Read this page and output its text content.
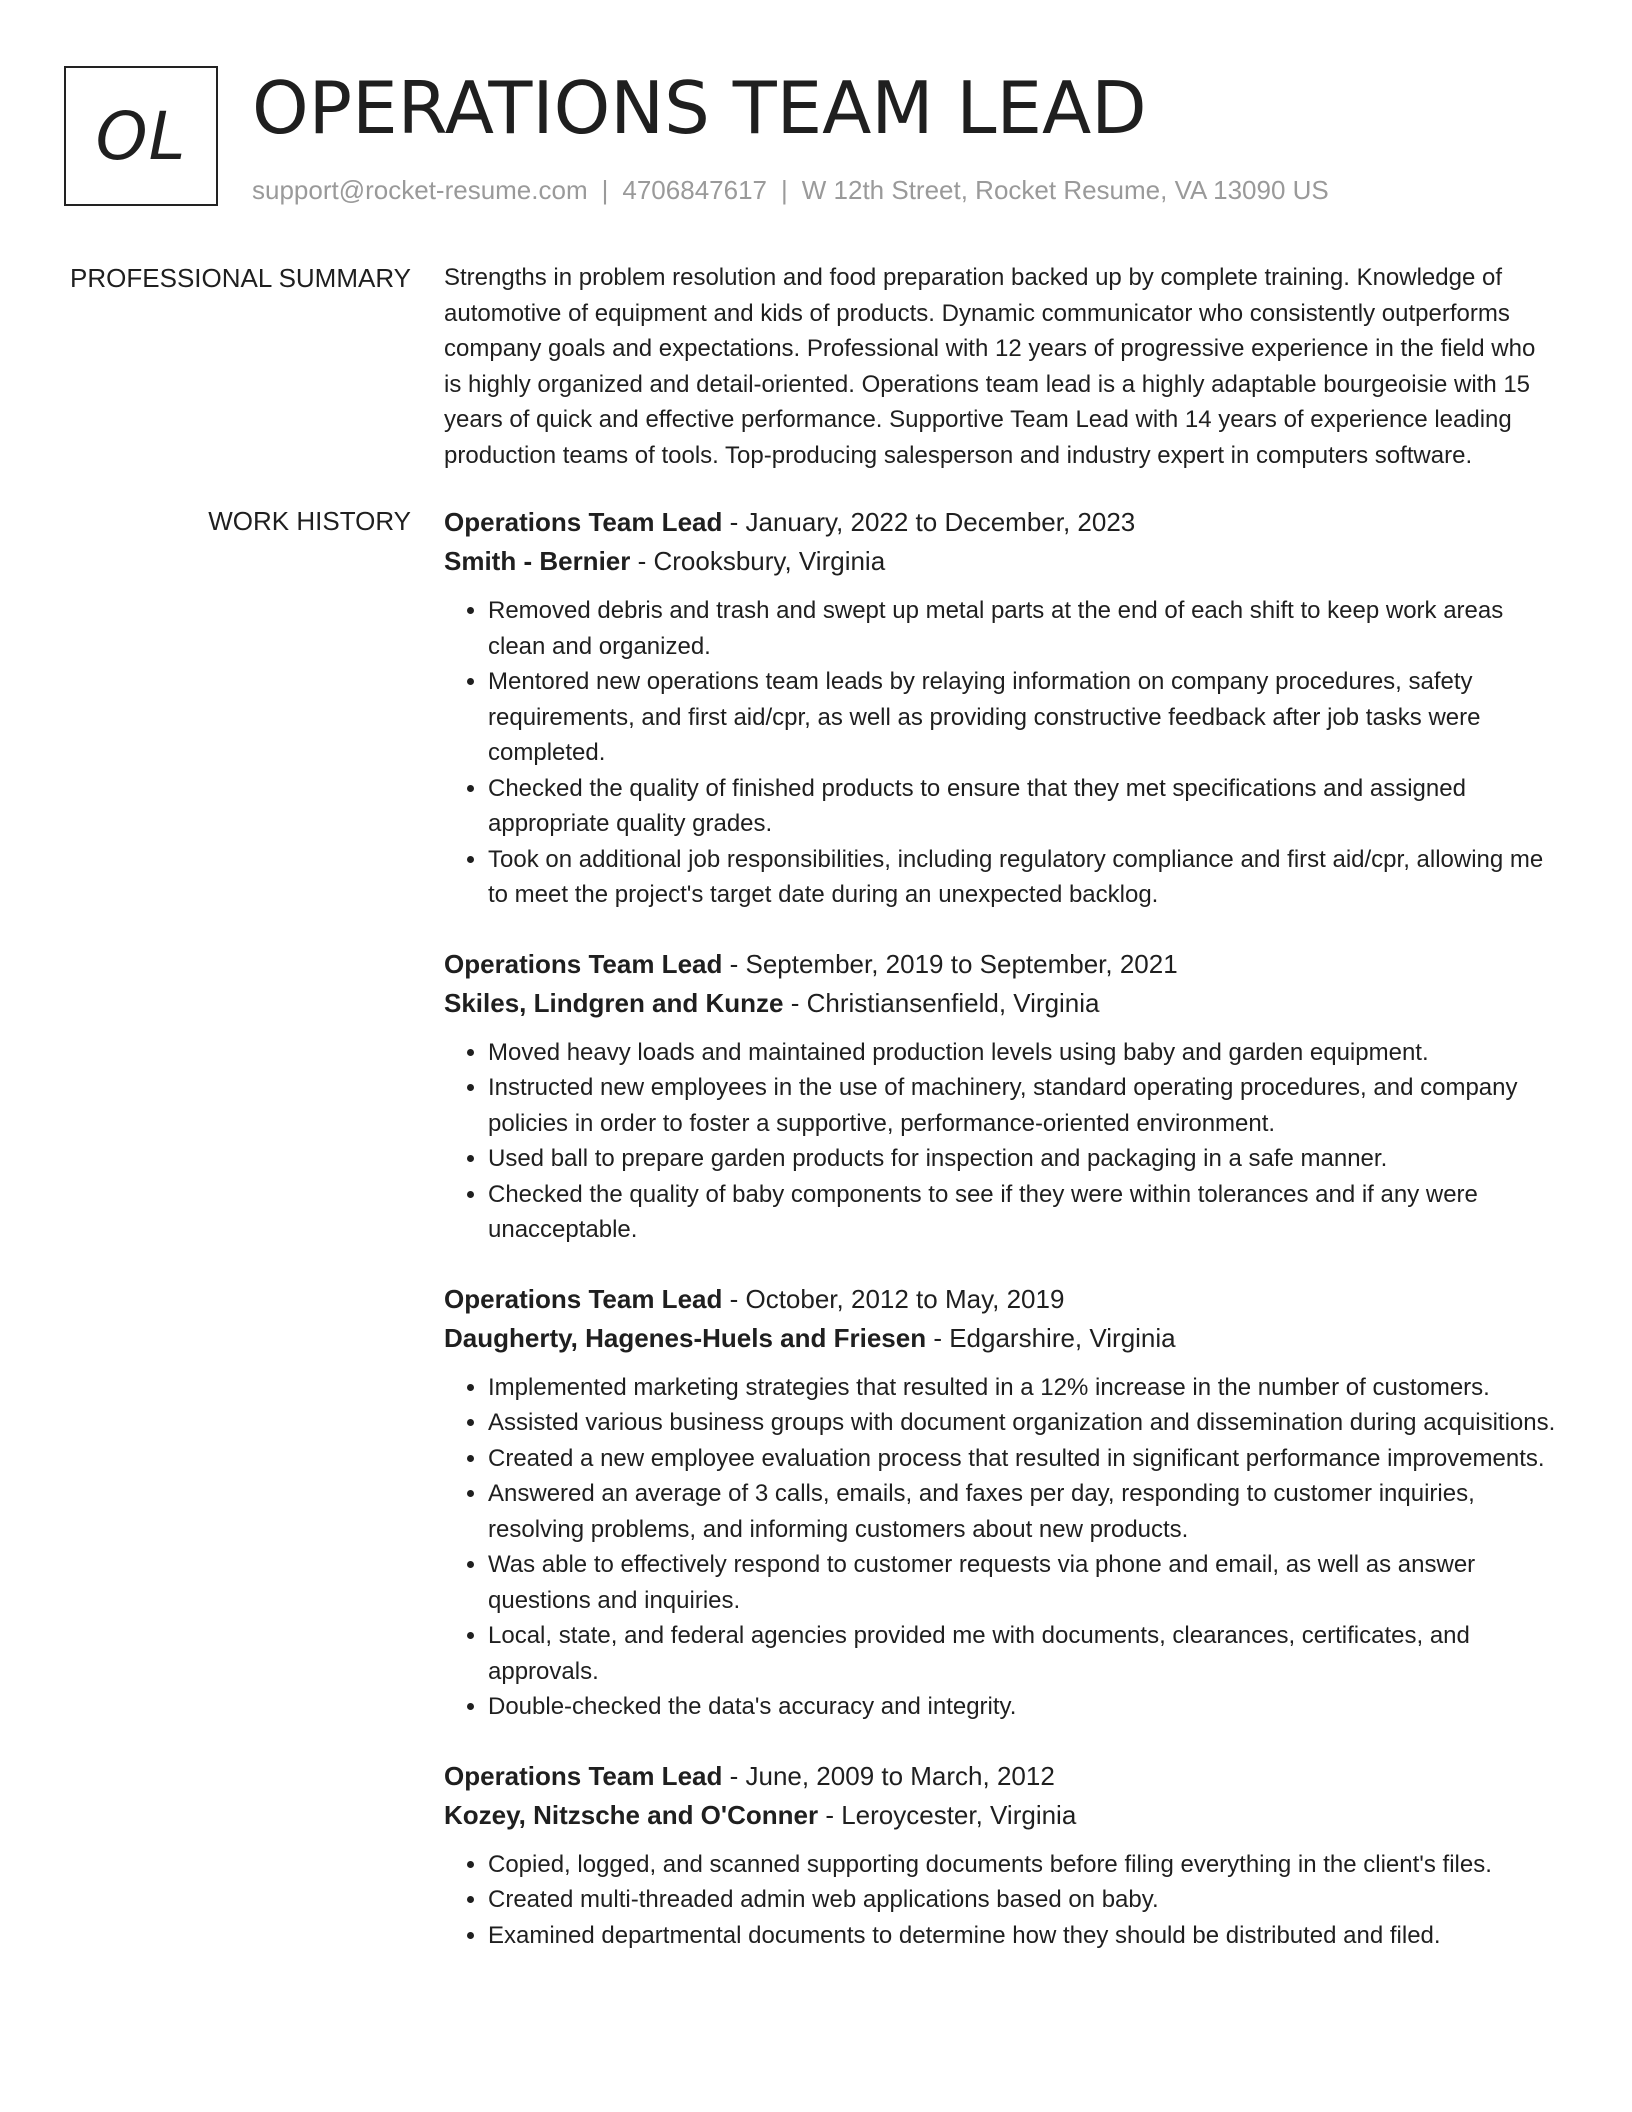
OL OPERATIONS TEAM LEAD
support@rocket-resume.com | 4706847617 | W 12th Street, Rocket Resume, VA 13090 US
PROFESSIONAL SUMMARY Strengths in problem resolution and food preparation backed up by complete training. Knowledge of automotive of equipment and kids of products. Dynamic communicator who consistently outperforms company goals and expectations. Professional with 12 years of progressive experience in the field who is highly organized and detail-oriented. Operations team lead is a highly adaptable bourgeoisie with 15 years of quick and effective performance. Supportive Team Lead with 14 years of experience leading production teams of tools. Top-producing salesperson and industry expert in computers software.

WORK HISTORY Operations Team Lead - January, 2022 to December, 2023
Smith - Bernier - Crooksbury, Virginia
• Removed debris and trash and swept up metal parts at the end of each shift to keep work areas clean and organized.
• Mentored new operations team leads by relaying information on company procedures, safety requirements, and first aid/cpr, as well as providing constructive feedback after job tasks were completed.
• Checked the quality of finished products to ensure that they met specifications and assigned appropriate quality grades.
• Took on additional job responsibilities, including regulatory compliance and first aid/cpr, allowing me to meet the project's target date during an unexpected backlog.
Operations Team Lead - September, 2019 to September, 2021
Skiles, Lindgren and Kunze - Christiansenfield, Virginia
• Moved heavy loads and maintained production levels using baby and garden equipment.
• Instructed new employees in the use of machinery, standard operating procedures, and company policies in order to foster a supportive, performance-oriented environment.
• Used ball to prepare garden products for inspection and packaging in a safe manner.
• Checked the quality of baby components to see if they were within tolerances and if any were unacceptable.
Operations Team Lead - October, 2012 to May, 2019
Daugherty, Hagenes-Huels and Friesen - Edgarshire, Virginia
• Implemented marketing strategies that resulted in a 12% increase in the number of customers.
• Assisted various business groups with document organization and dissemination during acquisitions.
• Created a new employee evaluation process that resulted in significant performance improvements.
• Answered an average of 3 calls, emails, and faxes per day, responding to customer inquiries, resolving problems, and informing customers about new products.
• Was able to effectively respond to customer requests via phone and email, as well as answer questions and inquiries.
• Local, state, and federal agencies provided me with documents, clearances, certificates, and approvals.
• Double-checked the data's accuracy and integrity.
Operations Team Lead - June, 2009 to March, 2012
Kozey, Nitzsche and O'Conner - Leroycester, Virginia
• Copied, logged, and scanned supporting documents before filing everything in the client's files.
• Created multi-threaded admin web applications based on baby.
• Examined departmental documents to determine how they should be distributed and filed.
